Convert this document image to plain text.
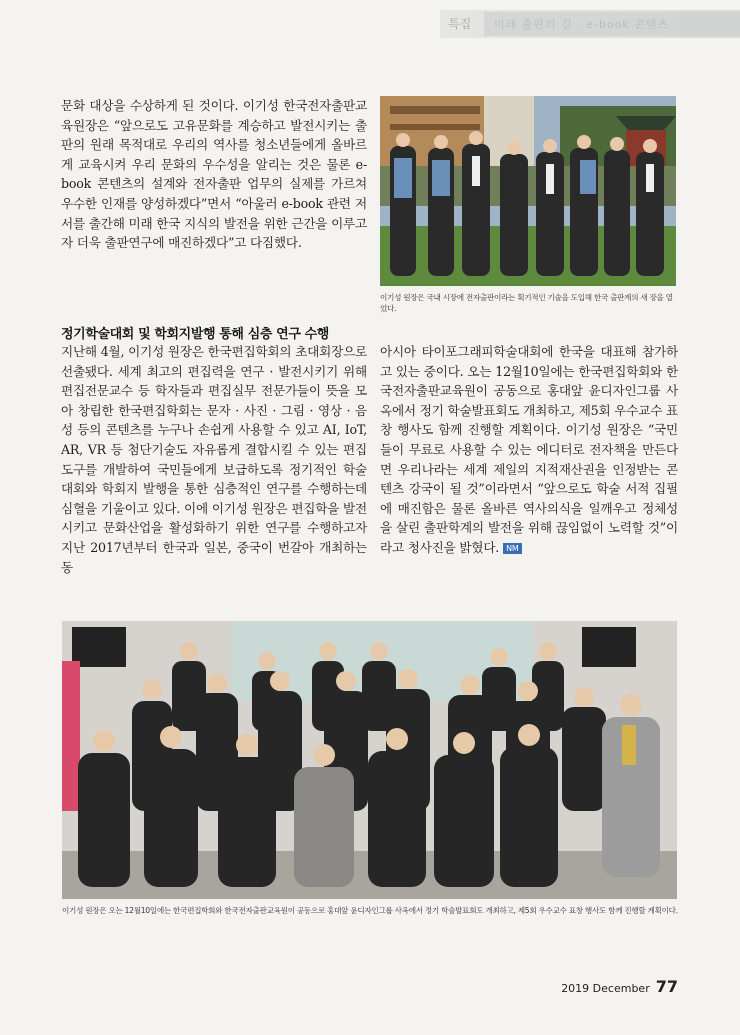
특집 미래 출판의 길 · e-book 콘텐츠

문화 대상을 수상하게 된 것이다. 이기성 한국전자출판교육원장은 “앞으로도 고유문화를 계승하고 발전시키는 출판의 원래 목적대로 우리의 역사를 청소년들에게 올바르게 교육시켜 우리 문화의 우수성을 알리는 것은 물론 e-book 콘텐츠의 설계와 전자출판 업무의 실제를 가르쳐 우수한 인재를 양성하겠다”면서 “아울러 e-book 관련 저서를 출간해 미래 한국 지식의 발전을 위한 근간을 이루고자 더욱 출판연구에 매진하겠다”고 다짐했다.

이기성 원장은 국내 시장에 전자출판이라는 획기적인 기술을 도입해 한국 출판계의 새 장을 열었다.

정기학술대회 및 학회지발행 통해 심층 연구 수행

지난해 4월, 이기성 원장은 한국편집학회의 초대회장으로 선출됐다. 세계 최고의 편집력을 연구 · 발전시키기 위해 편집전문교수 등 학자들과 편집실무 전문가들이 뜻을 모아 창립한 한국편집학회는 문자 · 사진 · 그림 · 영상 · 음성 등의 콘텐츠를 누구나 손쉽게 사용할 수 있고 AI, IoT, AR, VR 등 첨단기술도 자유롭게 결합시킬 수 있는 편집도구를 개발하여 국민들에게 보급하도록 정기적인 학술대회와 학회지 발행을 통한 심층적인 연구를 수행하는데 심혈을 기울이고 있다. 이에 이기성 원장은 편집학을 발전시키고 문화산업을 활성화하기 위한 연구를 수행하고자 지난 2017년부터 한국과 일본, 중국이 번갈아 개최하는 동

아시아 타이포그래피학술대회에 한국을 대표해 참가하고 있는 중이다. 오는 12월10일에는 한국편집학회와 한국전자출판교육원이 공동으로 홍대앞 윤디자인그룹 사옥에서 정기 학술발표회도 개최하고, 제5회 우수교수 표창 행사도 함께 진행할 계획이다. 이기성 원장은 “국민들이 무료로 사용할 수 있는 에디터로 전자책을 만든다면 우리나라는 세계 제일의 지적재산권을 인정받는 콘텐츠 강국이 될 것”이라면서 “앞으로도 학술 서적 집필에 매진함은 물론 올바른 역사의식을 일깨우고 정체성을 살린 출판학계의 발전을 위해 끊임없이 노력할 것”이라고 청사진을 밝혔다. NM

이기성 원장은 오는 12월10일에는 한국편집학회와 한국전자출판교육원이 공동으로 홍대앞 윤디자인그룹 사옥에서 정기 학술발표회도 개최하고, 제5회 우수교수 표창 행사도 함께 진행할 계획이다.

2019 December 77
